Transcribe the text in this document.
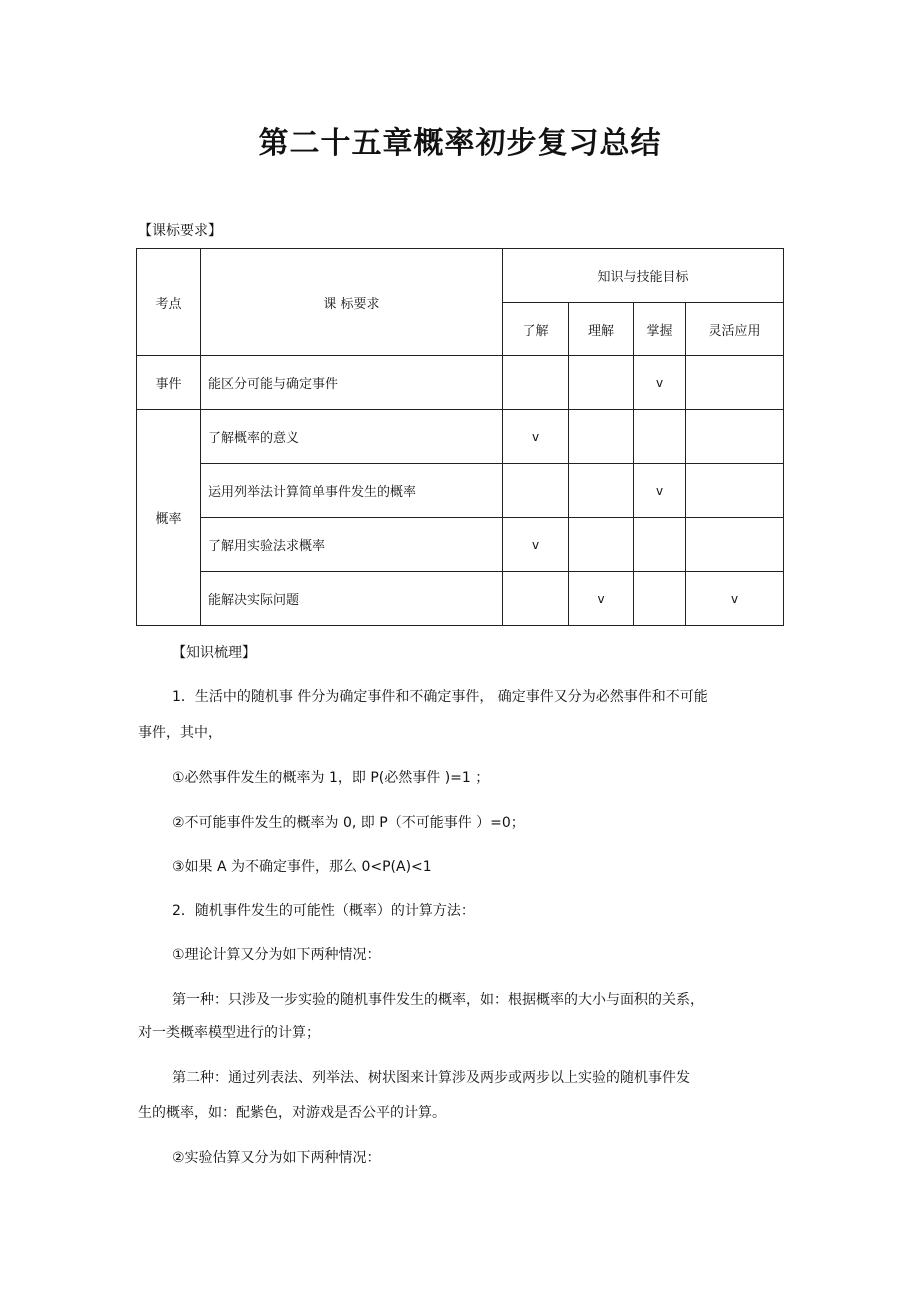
第二十五章概率初步复习总结
【课标要求】
考点	课 标要求	知识与技能目标			
		了解	理解	掌握	灵活应用
事件	能区分可能与确定事件			v	
概率	了解概率的意义	v			
	运用列举法计算简单事件发生的概率			v	
	了解用实验法求概率	v			
	能解决实际问题		v		v
【知识梳理】
1．生活中的随机事 件分为确定事件和不确定事件， 确定事件又分为必然事件和不可能
事件，其中，
①必然事件发生的概率为 1，即 P(必然事件 )=1 ；
②不可能事件发生的概率为 0, 即 P（不可能事件 ）=0；
③如果 A 为不确定事件，那么 0<P(A)<1
2．随机事件发生的可能性（概率）的计算方法：
①理论计算又分为如下两种情况：
第一种：只涉及一步实验的随机事件发生的概率，如：根据概率的大小与面积的关系，
对一类概率模型进行的计算；
第二种：通过列表法、列举法、树状图来计算涉及两步或两步以上实验的随机事件发
生的概率，如：配紫色，对游戏是否公平的计算。
②实验估算又分为如下两种情况：
